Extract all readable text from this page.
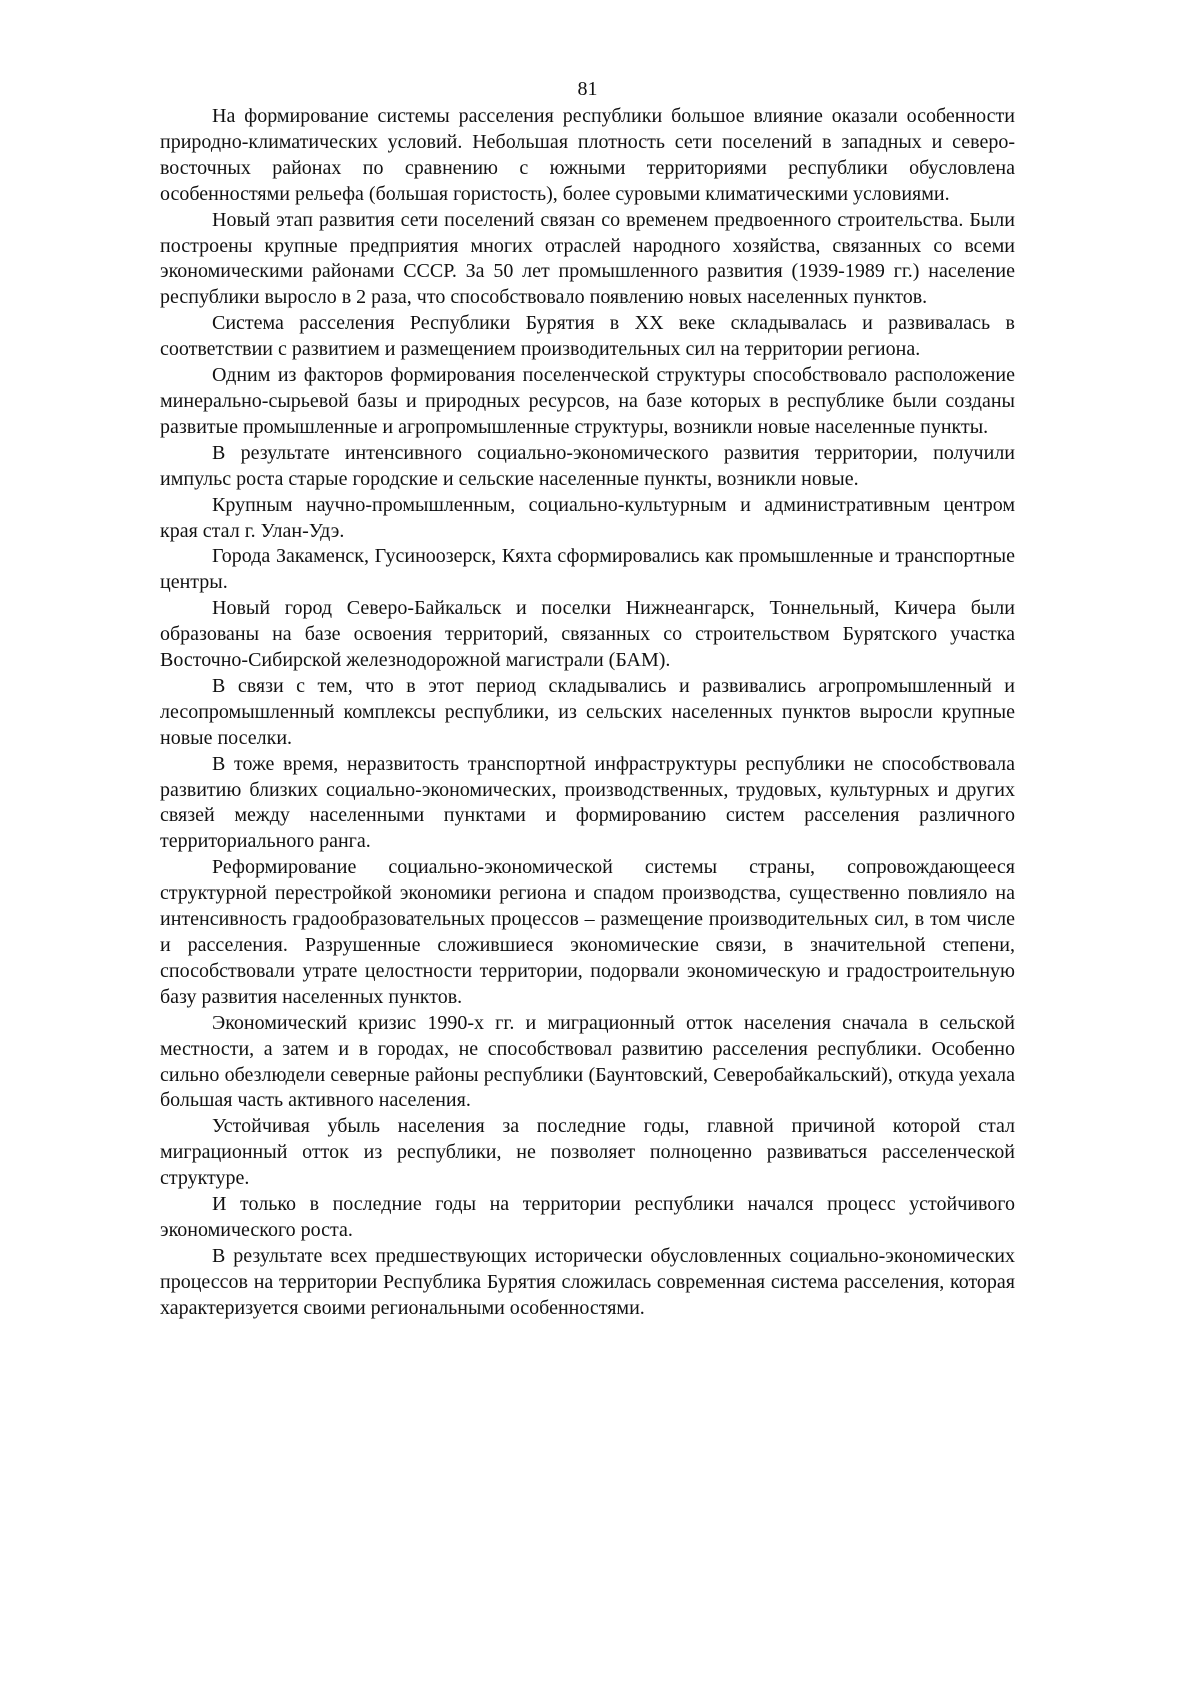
81

На формирование системы расселения республики большое влияние оказали особенности природно-климатических условий. Небольшая плотность сети поселений в западных и северо-восточных районах по сравнению с южными территориями республики обусловлена особенностями рельефа (большая гористость), более суровыми климатическими условиями.

Новый этап развития сети поселений связан со временем предвоенного строительства. Были построены крупные предприятия многих отраслей народного хозяйства, связанных со всеми экономическими районами СССР. За 50 лет промышленного развития (1939-1989 гг.) население республики выросло в 2 раза, что способствовало появлению новых населенных пунктов.

Система расселения Республики Бурятия в XX веке складывалась и развивалась в соответствии с развитием и размещением производительных сил на территории региона.

Одним из факторов формирования поселенческой структуры способствовало расположение минерально-сырьевой базы и природных ресурсов, на базе которых в республике были созданы развитые промышленные и агропромышленные структуры, возникли новые населенные пункты.

В результате интенсивного социально-экономического развития территории, получили импульс роста старые городские и сельские населенные пункты, возникли новые.

Крупным научно-промышленным, социально-культурным и административным центром края стал г. Улан-Удэ.

Города Закаменск, Гусиноозерск, Кяхта сформировались как промышленные и транспортные центры.

Новый город Северо-Байкальск и поселки Нижнеангарск, Тоннельный, Кичера были образованы на базе освоения территорий, связанных со строительством Бурятского участка Восточно-Сибирской железнодорожной магистрали (БАМ).

В связи с тем, что в этот период складывались и развивались агропромышленный и лесопромышленный комплексы республики, из сельских населенных пунктов выросли крупные новые поселки.

В тоже время, неразвитость транспортной инфраструктуры республики не способствовала развитию близких социально-экономических, производственных, трудовых, культурных и других связей между населенными пунктами и формированию систем расселения различного территориального ранга.

Реформирование социально-экономической системы страны, сопровождающееся структурной перестройкой экономики региона и спадом производства, существенно повлияло на интенсивность градообразовательных процессов – размещение производительных сил, в том числе и расселения. Разрушенные сложившиеся экономические связи, в значительной степени, способствовали утрате целостности территории, подорвали экономическую и градостроительную базу развития населенных пунктов.

Экономический кризис 1990-х гг. и миграционный отток населения сначала в сельской местности, а затем и в городах, не способствовал развитию расселения республики. Особенно сильно обезлюдели северные районы республики (Баунтовский, Северобайкальский), откуда уехала большая часть активного населения.

Устойчивая убыль населения за последние годы, главной причиной которой стал миграционный отток из республики, не позволяет полноценно развиваться расселенческой структуре.

И только в последние годы на территории республики начался процесс устойчивого экономического роста.

В результате всех предшествующих исторически обусловленных социально-экономических процессов на территории Республика Бурятия сложилась современная система расселения, которая характеризуется своими региональными особенностями.
